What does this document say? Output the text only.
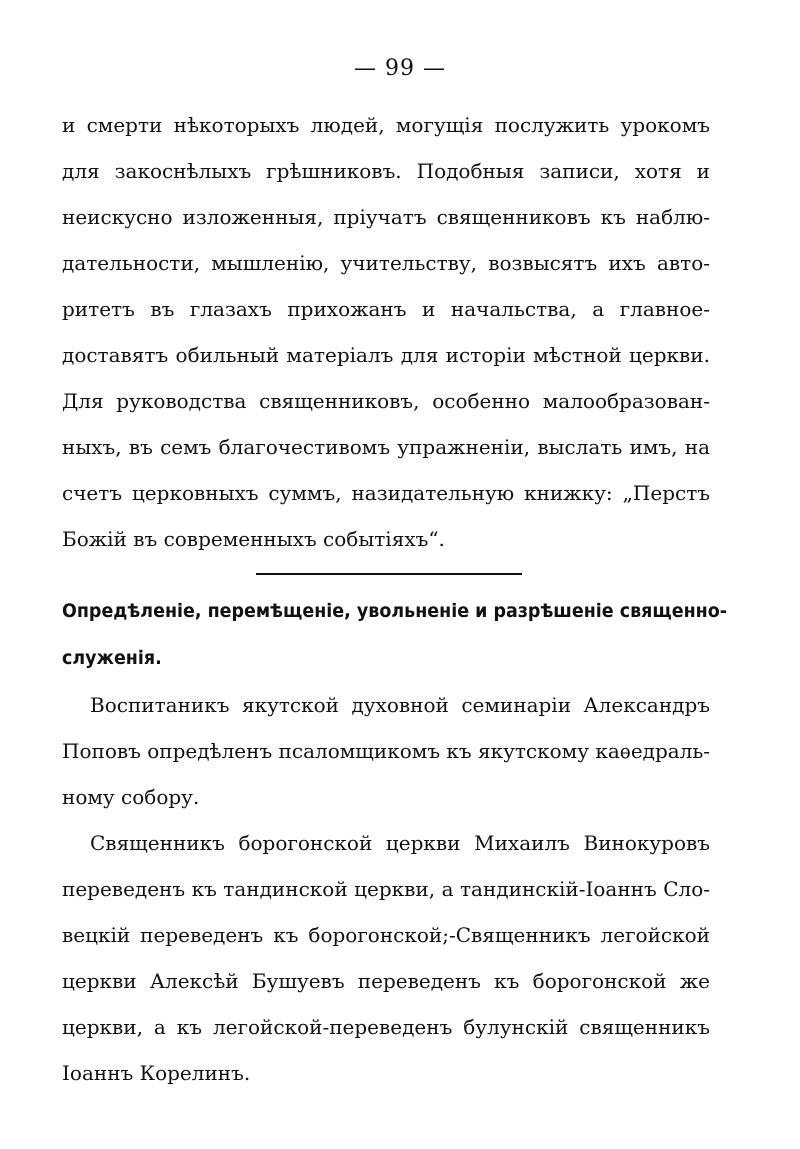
— 99 —
и смерти нѣкоторыхъ людей, могущія послужить урокомъ
для закоснѣлыхъ грѣшниковъ. Подобныя записи, хотя и
неискусно изложенныя, пріучатъ священниковъ къ наблю-
дательности, мышленію, учительству, возвысятъ ихъ авто-
ритетъ въ глазахъ прихожанъ и начальства, а главное-
доставятъ обильный матеріалъ для исторіи мѣстной церкви.
Для руководства священниковъ, особенно малообразован-
ныхъ, въ семъ благочестивомъ упражненіи, выслать имъ, на
счетъ церковныхъ суммъ, назидательную книжку: „Перстъ
Божій въ современныхъ событіяхъ“.
Опредѣленіе, перемѣщеніе, увольненіе и разрѣшеніе священно-
служенія.
Воспитаникъ якутской духовной семинаріи Александръ
Поповъ опредѣленъ псаломщикомъ къ якутскому каѳедраль-
ному собору.
Священникъ борогонской церкви Михаилъ Винокуровъ
переведенъ къ тандинской церкви, а тандинскій-Іоаннъ Сло-
вецкій переведенъ къ борогонской;-Священникъ легойской
церкви Алексѣй Бушуевъ переведенъ къ борогонской же
церкви, а къ легойской-переведенъ булунскій священникъ
Іоаннъ Корелинъ.
